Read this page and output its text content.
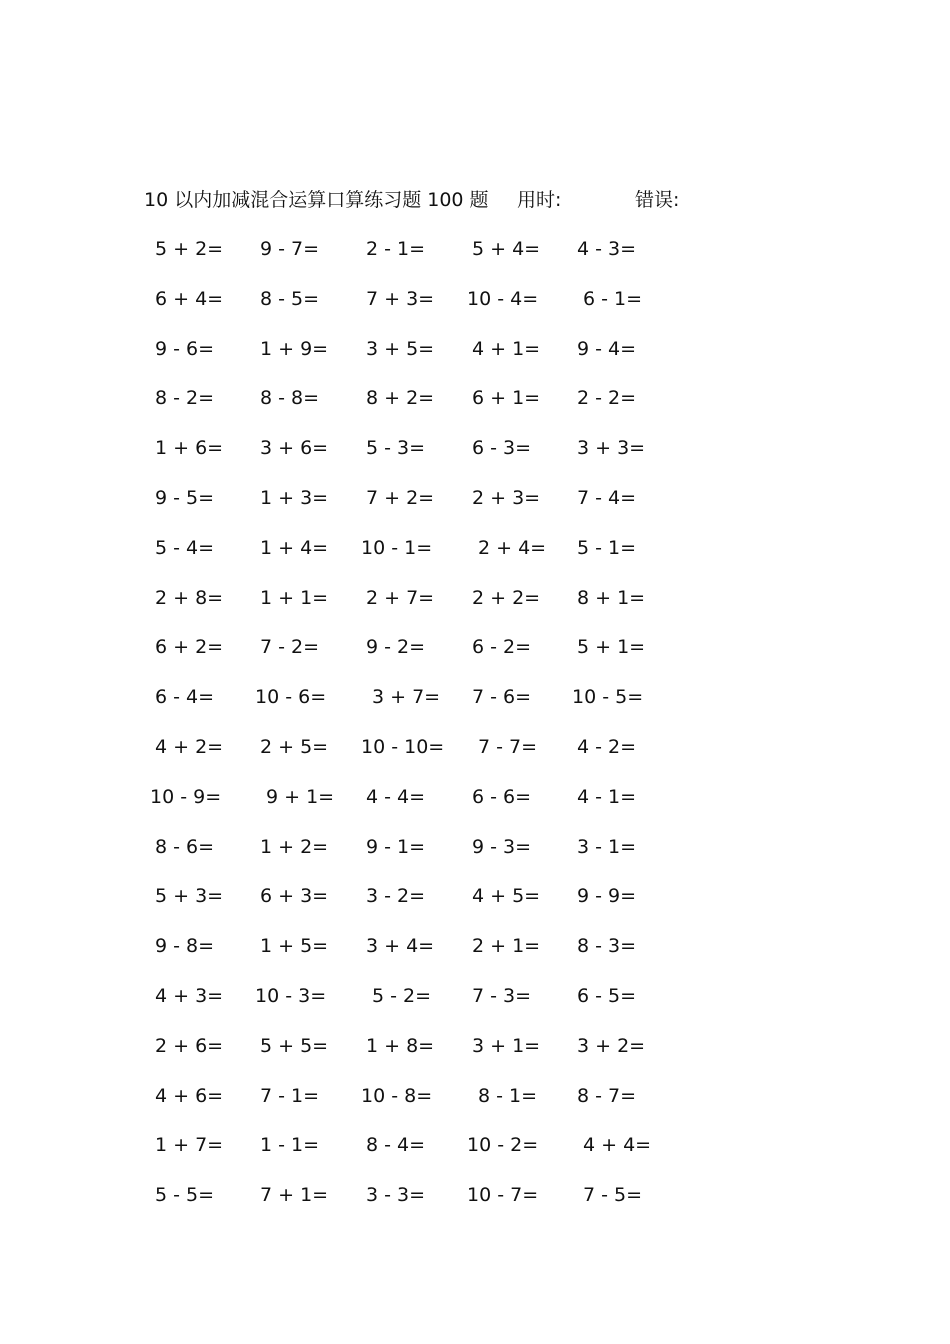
10 以内加减混合运算口算练习题 100 题 用时:	错误:
5 + 2= 9 - 7= 2 - 1= 5 + 4= 4 - 3=
6 + 4= 8 - 5= 7 + 3= 10 - 4= 6 - 1=
9 - 6= 1 + 9= 3 + 5= 4 + 1= 9 - 4=
8 - 2= 8 - 8= 8 + 2= 6 + 1= 2 - 2=
1 + 6= 3 + 6= 5 - 3= 6 - 3= 3 + 3=
9 - 5= 1 + 3= 7 + 2= 2 + 3= 7 - 4=
5 - 4= 1 + 4= 10 - 1= 2 + 4= 5 - 1=
2 + 8= 1 + 1= 2 + 7= 2 + 2= 8 + 1=
6 + 2= 7 - 2= 9 - 2= 6 - 2= 5 + 1=
6 - 4= 10 - 6= 3 + 7= 7 - 6= 10 - 5=
4 + 2= 2 + 5= 10 - 10= 7 - 7= 4 - 2=
10 - 9= 9 + 1= 4 - 4= 6 - 6= 4 - 1=
8 - 6= 1 + 2= 9 - 1= 9 - 3= 3 - 1=
5 + 3= 6 + 3= 3 - 2= 4 + 5= 9 - 9=
9 - 8= 1 + 5= 3 + 4= 2 + 1= 8 - 3=
4 + 3= 10 - 3= 5 - 2= 7 - 3= 6 - 5=
2 + 6= 5 + 5= 1 + 8= 3 + 1= 3 + 2=
4 + 6= 7 - 1= 10 - 8= 8 - 1= 8 - 7=
1 + 7= 1 - 1= 8 - 4= 10 - 2= 4 + 4=
5 - 5= 7 + 1= 3 - 3= 10 - 7= 7 - 5=
